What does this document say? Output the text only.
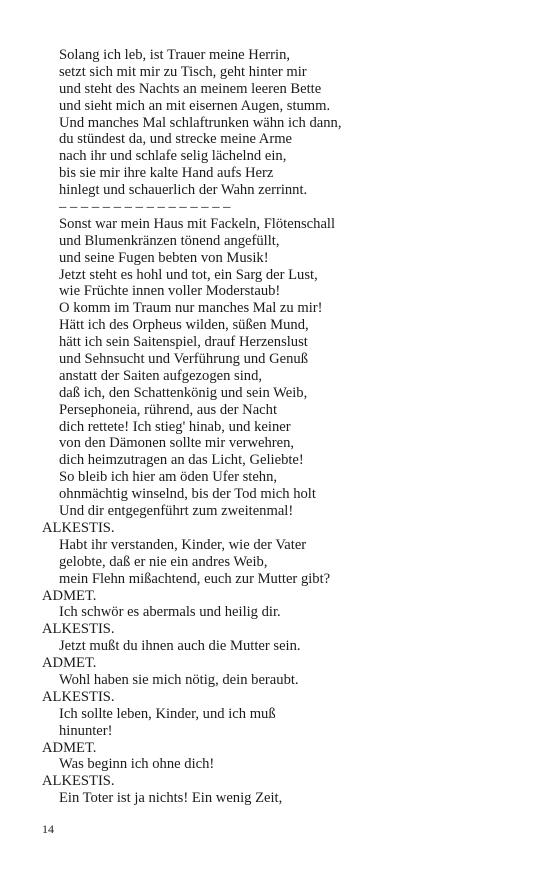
Solang ich leb, ist Trauer meine Herrin,
setzt sich mit mir zu Tisch, geht hinter mir
und steht des Nachts an meinem leeren Bette
und sieht mich an mit eisernen Augen, stumm.
Und manches Mal schlaftrunken wähn ich dann,
du stündest da, und strecke meine Arme
nach ihr und schlafe selig lächelnd ein,
bis sie mir ihre kalte Hand aufs Herz
hinlegt und schauerlich der Wahn zerrinnt.
– – – – – – – – – – – – – – – –
Sonst war mein Haus mit Fackeln, Flötenschall
und Blumenkränzen tönend angefüllt,
und seine Fugen bebten von Musik!
Jetzt steht es hohl und tot, ein Sarg der Lust,
wie Früchte innen voller Moderstaub!
O komm im Traum nur manches Mal zu mir!
Hätt ich des Orpheus wilden, süßen Mund,
hätt ich sein Saitenspiel, drauf Herzenslust
und Sehnsucht und Verführung und Genuß
anstatt der Saiten aufgezogen sind,
daß ich, den Schattenkönig und sein Weib,
Persephoneia, rührend, aus der Nacht
dich rettete! Ich stieg' hinab, und keiner
von den Dämonen sollte mir verwehren,
dich heimzutragen an das Licht, Geliebte!
So bleib ich hier am öden Ufer stehn,
ohnmächtig winselnd, bis der Tod mich holt
Und dir entgegenführt zum zweitenmal!
ALKESTIS.
Habt ihr verstanden, Kinder, wie der Vater
gelobte, daß er nie ein andres Weib,
mein Flehn mißachtend, euch zur Mutter gibt?
ADMET.
Ich schwör es abermals und heilig dir.
ALKESTIS.
Jetzt mußt du ihnen auch die Mutter sein.
ADMET.
Wohl haben sie mich nötig, dein beraubt.
ALKESTIS.
Ich sollte leben, Kinder, und ich muß
hinunter!
ADMET.
Was beginn ich ohne dich!
ALKESTIS.
Ein Toter ist ja nichts! Ein wenig Zeit,
14
